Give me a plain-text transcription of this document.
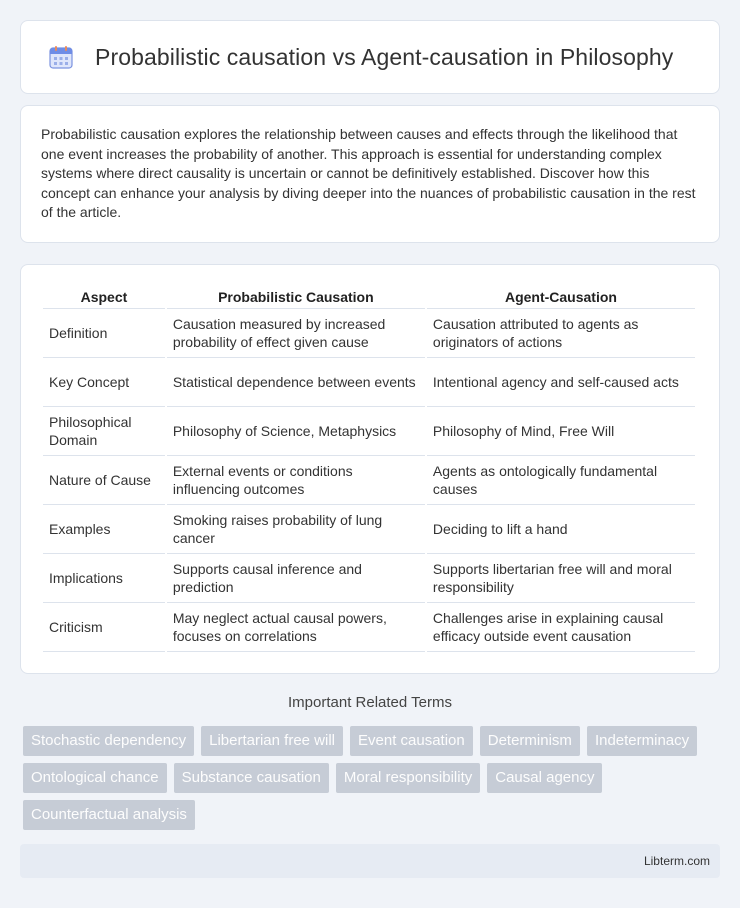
Probabilistic causation vs Agent-causation in Philosophy

Probabilistic causation explores the relationship between causes and effects through the likelihood that one event increases the probability of another. This approach is essential for understanding complex systems where direct causality is uncertain or cannot be definitively established. Discover how this concept can enhance your analysis by diving deeper into the nuances of probabilistic causation in the rest of the article.

Aspect	Probabilistic Causation	Agent-Causation
Definition	Causation measured by increased probability of effect given cause	Causation attributed to agents as originators of actions
Key Concept	Statistical dependence between events	Intentional agency and self-caused acts
Philosophical Domain	Philosophy of Science, Metaphysics	Philosophy of Mind, Free Will
Nature of Cause	External events or conditions influencing outcomes	Agents as ontologically fundamental causes
Examples	Smoking raises probability of lung cancer	Deciding to lift a hand
Implications	Supports causal inference and prediction	Supports libertarian free will and moral responsibility
Criticism	May neglect actual causal powers, focuses on correlations	Challenges arise in explaining causal efficacy outside event causation
Important Related Terms
Stochastic dependency	Libertarian free will	Event causation	Determinism	Indeterminacy
Ontological chance	Substance causation	Moral responsibility	Causal agency
Counterfactual analysis
Libterm.com
